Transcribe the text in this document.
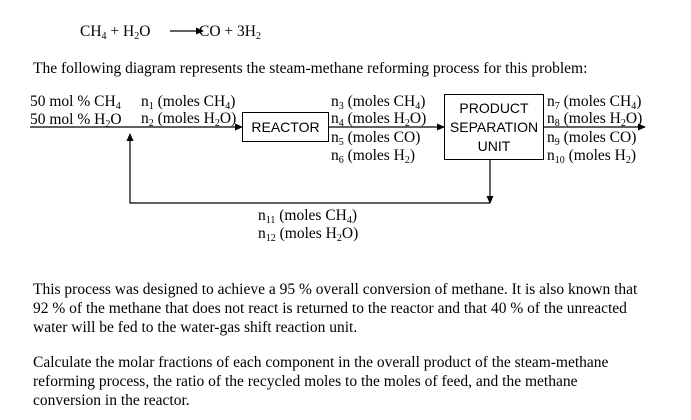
$CH_4 + H_2O$	CO + $3H_2$
The following diagram represents the steam-methane reforming process for this problem:
50 mol % $CH_4$
50 mol % $H_2O$
$n_1$ (moles $CH_4$)
$n_2$ (moles $H_2O$) REACTOR
$n_3$ (moles $CH_4$)
$n_4$ (moles $H_2O$)
$n_5$ (moles CO)
$n_6$ (moles $H_2$)
PRODUCT
SEPARATION
UNIT
$n_7$ (moles $CH_4$)
$n_8$ (moles $H_2O$)
$n_9$ (moles CO)
$n_{10}$ (moles $H_2$)
$n_{11}$ (moles $CH_4$)
$n_{12}$ (moles $H_2O$)
This process was designed to achieve a 95 % overall conversion of methane. It is also known that 92 % of the methane that does not react is returned to the reactor and that 40 % of the unreacted water will be fed to the water-gas shift reaction unit.
Calculate the molar fractions of each component in the overall product of the steam-methane reforming process, the ratio of the recycled moles to the moles of feed, and the methane conversion in the reactor.
